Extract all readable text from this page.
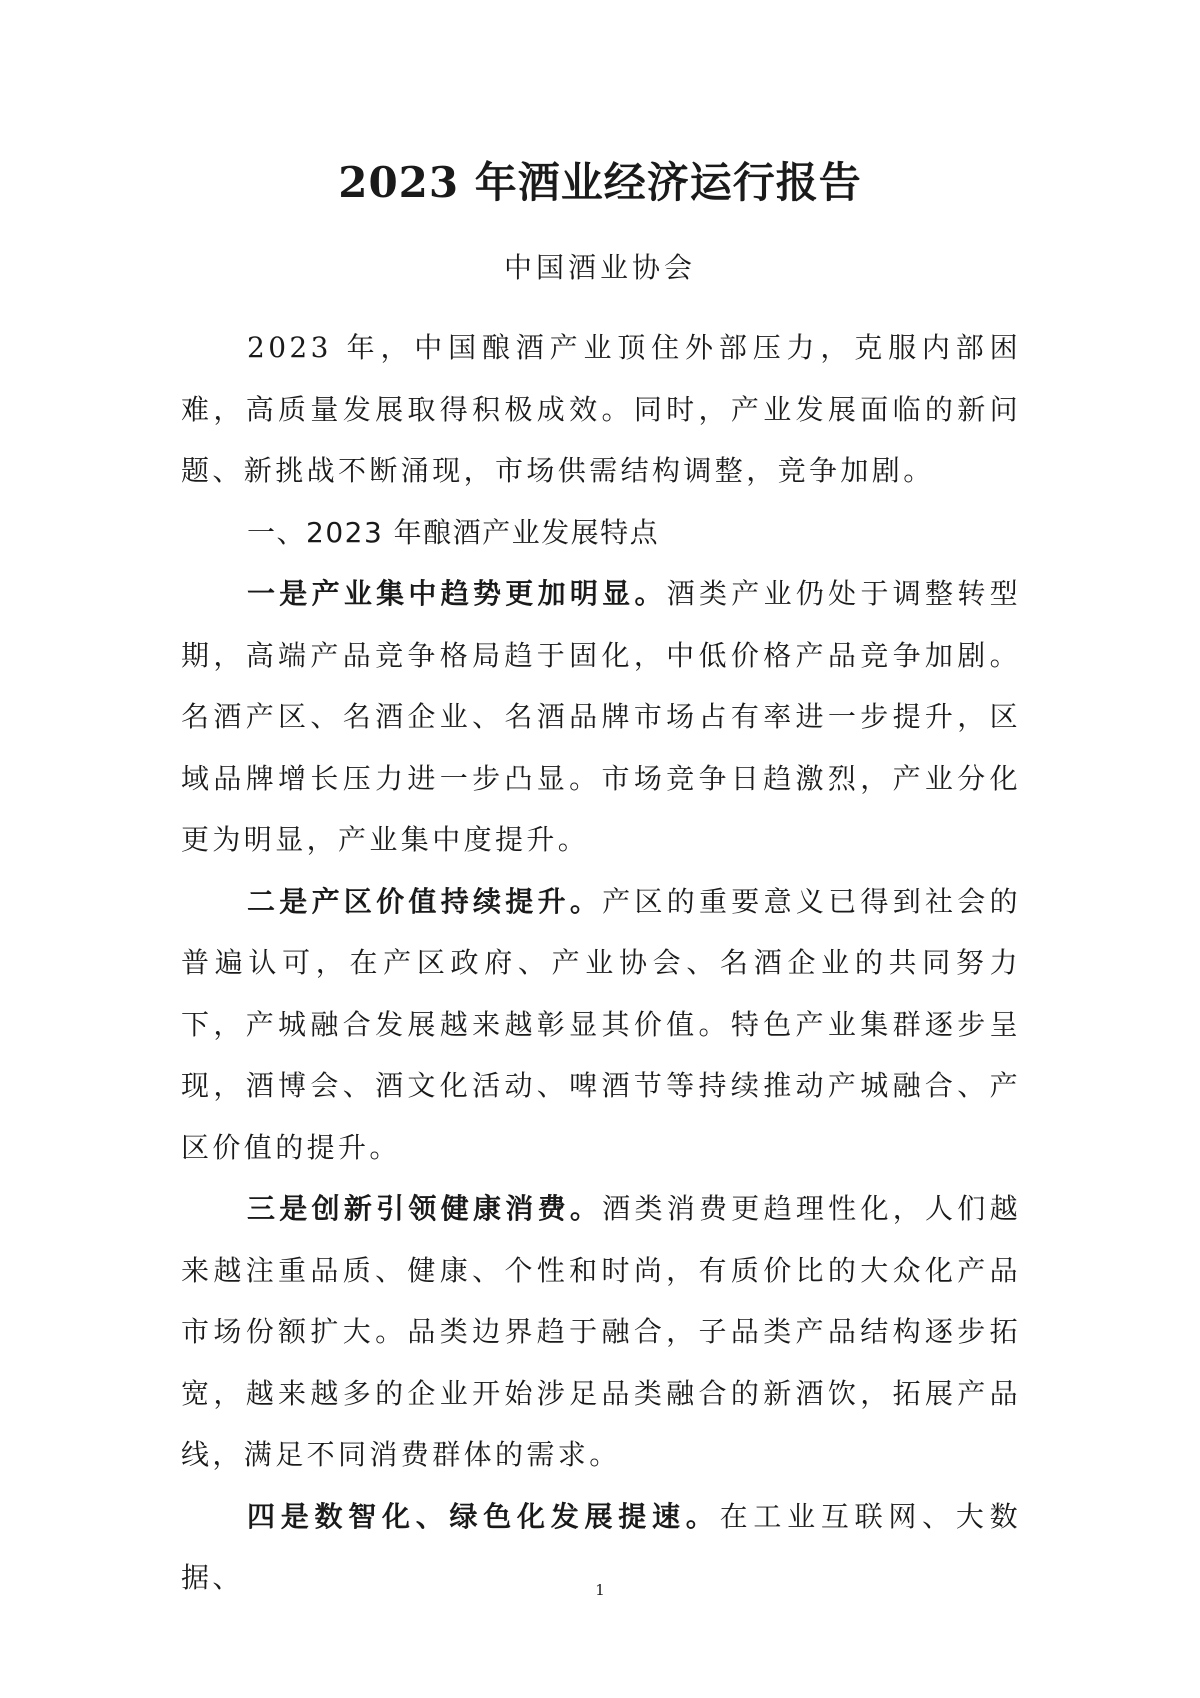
2023 年酒业经济运行报告
中国酒业协会

2023 年，中国酿酒产业顶住外部压力，克服内部困难，高质量发展取得积极成效。同时，产业发展面临的新问题、新挑战不断涌现，市场供需结构调整，竞争加剧。

一、2023 年酿酒产业发展特点

一是产业集中趋势更加明显。酒类产业仍处于调整转型期，高端产品竞争格局趋于固化，中低价格产品竞争加剧。名酒产区、名酒企业、名酒品牌市场占有率进一步提升，区域品牌增长压力进一步凸显。市场竞争日趋激烈，产业分化更为明显，产业集中度提升。

二是产区价值持续提升。产区的重要意义已得到社会的普遍认可，在产区政府、产业协会、名酒企业的共同努力下，产城融合发展越来越彰显其价值。特色产业集群逐步呈现，酒博会、酒文化活动、啤酒节等持续推动产城融合、产区价值的提升。

三是创新引领健康消费。酒类消费更趋理性化，人们越来越注重品质、健康、个性和时尚，有质价比的大众化产品市场份额扩大。品类边界趋于融合，子品类产品结构逐步拓宽，越来越多的企业开始涉足品类融合的新酒饮，拓展产品线，满足不同消费群体的需求。

四是数智化、绿色化发展提速。在工业互联网、大数据、	1
